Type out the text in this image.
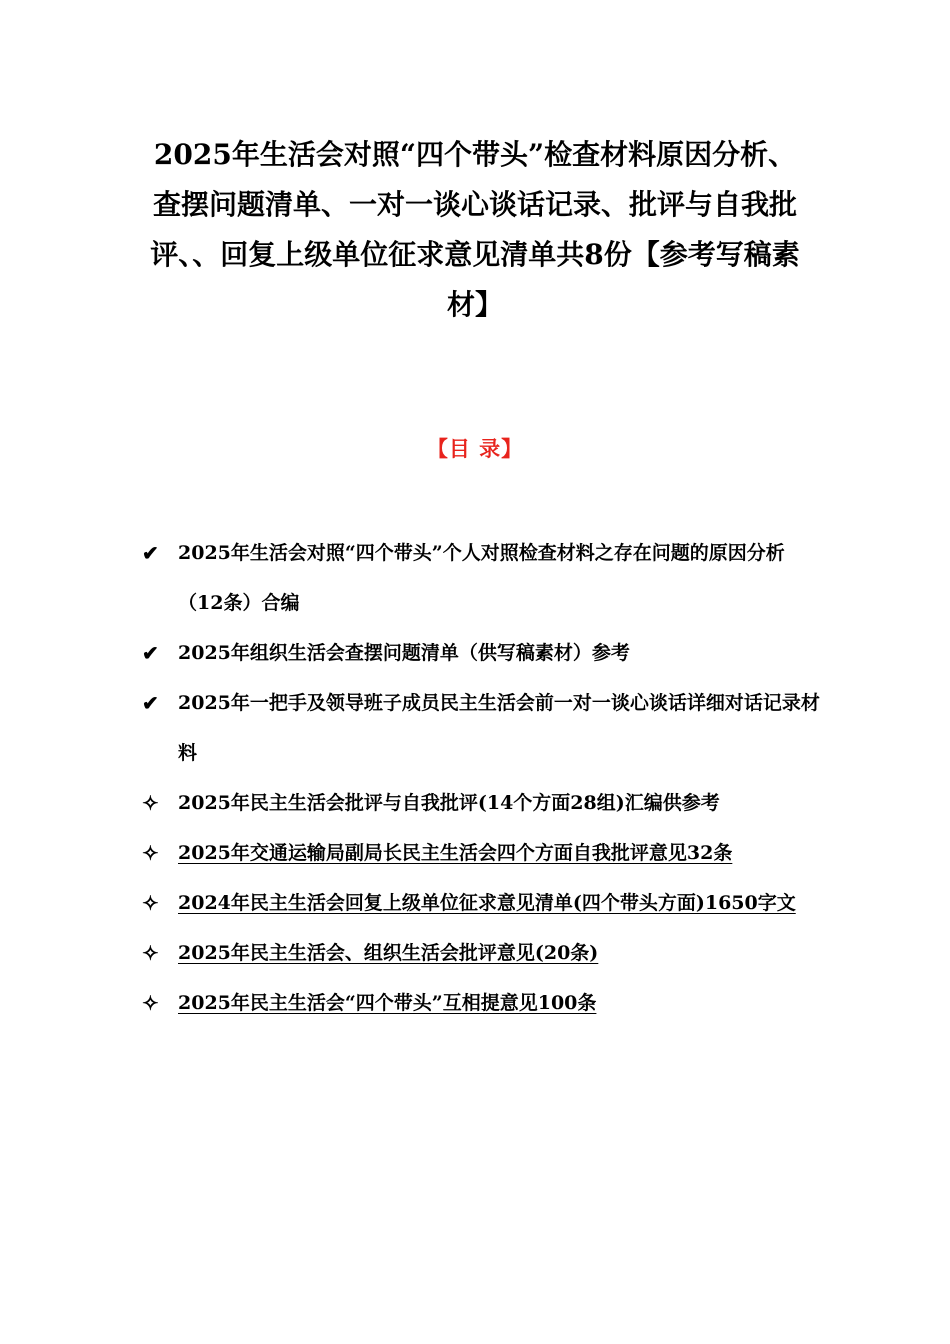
2025年生活会对照“四个带头”检查材料原因分析、查摆问题清单、一对一谈心谈话记录、批评与自我批评、、回复上级单位征求意见清单共8份【参考写稿素材】
【目 录】
✔	2025年生活会对照“四个带头”个人对照检查材料之存在问题的原因分析（12条）合编
✔	2025年组织生活会查摆问题清单（供写稿素材）参考
✔	2025年一把手及领导班子成员民主生活会前一对一谈心谈话详细对话记录材料
✧	2025年民主生活会批评与自我批评(14个方面28组)汇编供参考
✧	2025年交通运输局副局长民主生活会四个方面自我批评意见32条
✧	2024年民主生活会回复上级单位征求意见清单(四个带头方面)1650字文
✧	2025年民主生活会、组织生活会批评意见(20条)
✧	2025年民主生活会“四个带头”互相提意见100条
